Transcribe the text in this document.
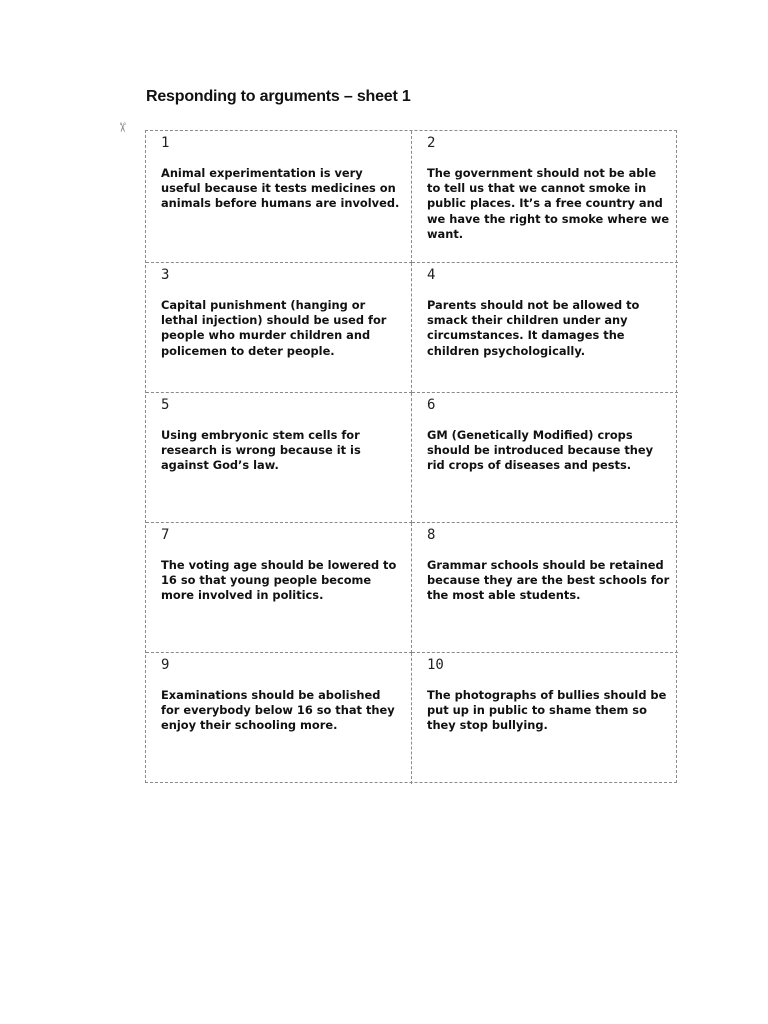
Responding to arguments – sheet 1
✂
1
Animal experimentation is very useful because it tests medicines on animals before humans are involved.
2
The government should not be able to tell us that we cannot smoke in public places. It’s a free country and we have the right to smoke where we want.
3
Capital punishment (hanging or lethal injection) should be used for people who murder children and policemen to deter people.
4
Parents should not be allowed to smack their children under any circumstances. It damages the children psychologically.
5
Using embryonic stem cells for research is wrong because it is against God’s law.
6
GM (Genetically Modified) crops should be introduced because they rid crops of diseases and pests.
7
The voting age should be lowered to 16 so that young people become more involved in politics.
8
Grammar schools should be retained because they are the best schools for the most able students.
9
Examinations should be abolished for everybody below 16 so that they enjoy their schooling more.
10
The photographs of bullies should be put up in public to shame them so they stop bullying.
